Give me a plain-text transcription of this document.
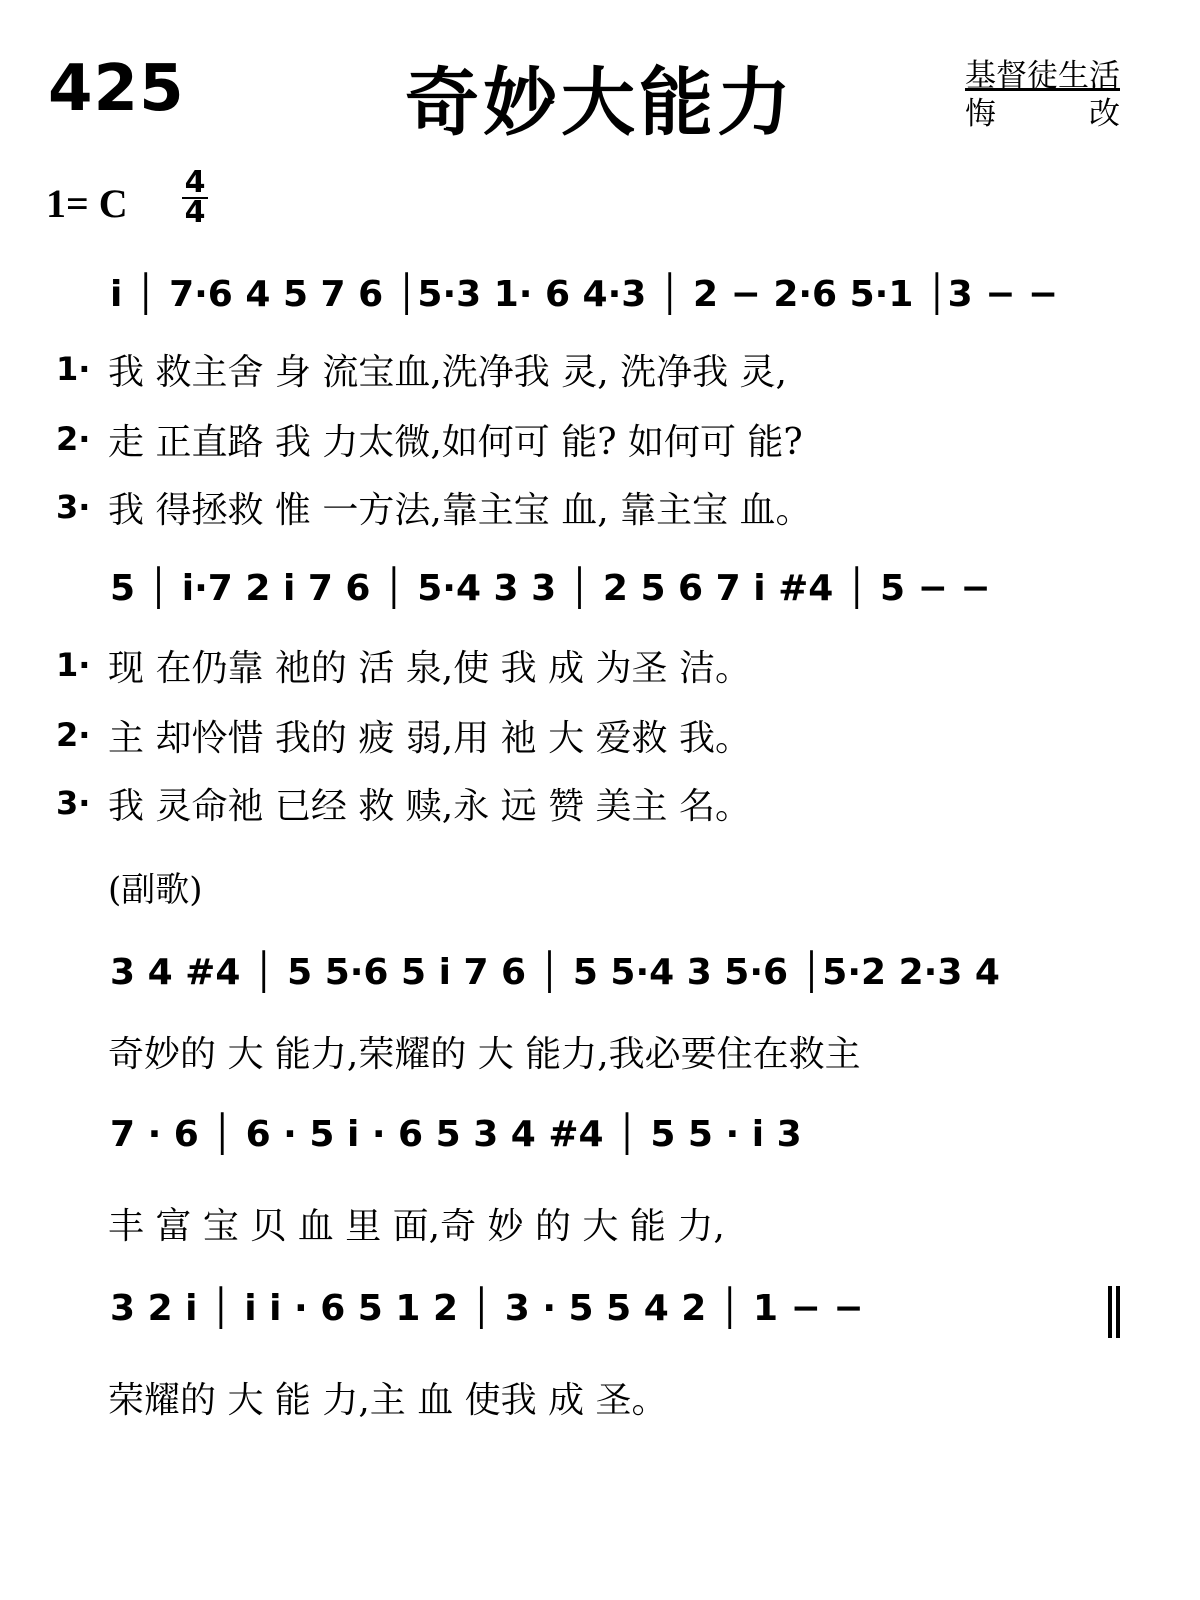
425	奇妙大能力	基督徒生活
悔	改
1= C 4
4
i │ 7·6 4 5 7 6 │5·3 1· 6 4·3 │ 2 − 2·6 5·1 │3 − −
1· 我 救主舍 身 流宝血,洗净我 灵, 洗净我 灵,
2· 走 正直路 我 力太微,如何可 能? 如何可 能?
3· 我 得拯救 惟 一方法,靠主宝 血, 靠主宝 血。
5 │ i·7 2 i 7 6 │ 5·4 3 3 │ 2 5 6 7 i #4 │ 5 − −
1· 现 在仍靠 祂的 活 泉,使 我 成 为圣 洁。
2· 主 却怜惜 我的 疲 弱,用 祂 大 爱救 我。
3· 我 灵命祂 已经 救 赎,永 远 赞 美主 名。
(副歌)
3 4 #4 │ 5 5·6 5 i 7 6 │ 5 5·4 3 5·6 │5·2 2·3 4
奇妙的 大 能力,荣耀的 大 能力,我必要住在救主
7 · 6 │ 6 · 5 i · 6 5 3 4 #4 │ 5 5 · i 3
丰 富 宝 贝 血 里 面,奇 妙 的 大 能 力,
3 2 i │ i i · 6 5 1 2 │ 3 · 5 5 4 2 │ 1 − −
荣耀的 大 能 力,主 血 使我 成 圣。
